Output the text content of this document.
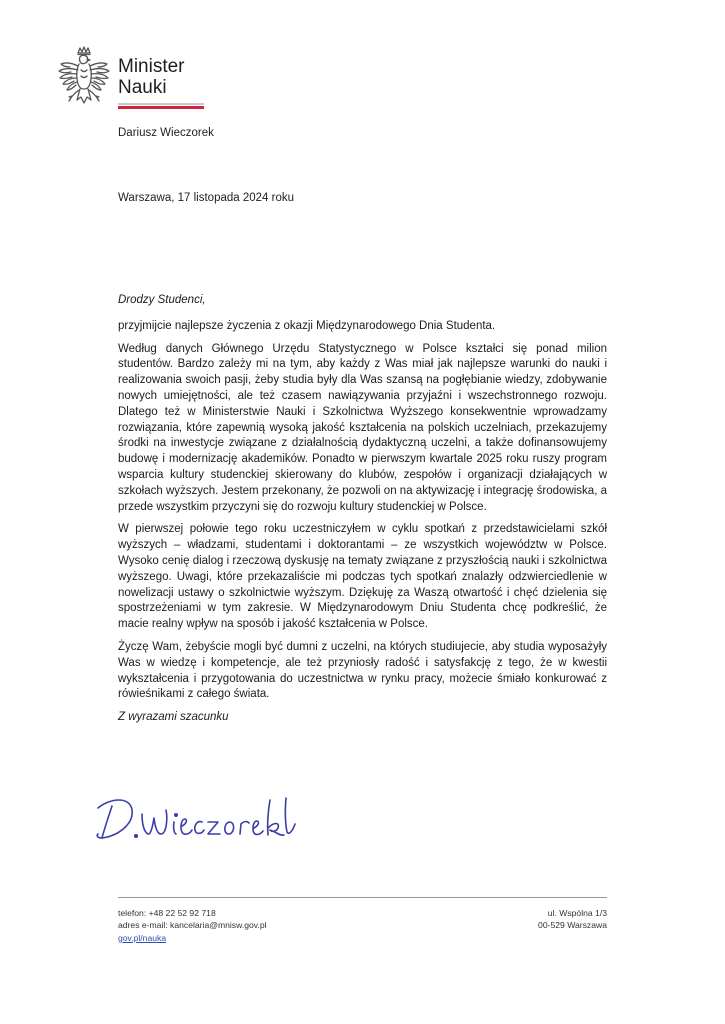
Minister
Nauki
Dariusz Wieczorek
Warszawa, 17 listopada 2024 roku

Drodzy Studenci,

przyjmijcie najlepsze życzenia z okazji Międzynarodowego Dnia Studenta.

Według danych Głównego Urzędu Statystycznego w Polsce kształci się ponad milion studentów. Bardzo zależy mi na tym, aby każdy z Was miał jak najlepsze warunki do nauki i realizowania swoich pasji, żeby studia były dla Was szansą na pogłębianie wiedzy, zdobywanie nowych umiejętności, ale też czasem nawiązywania przyjaźni i wszechstronnego rozwoju. Dlatego też w Ministerstwie Nauki i Szkolnictwa Wyższego konsekwentnie wprowadzamy rozwiązania, które zapewnią wysoką jakość kształcenia na polskich uczelniach, przekazujemy środki na inwestycje związane z działalnością dydaktyczną uczelni, a także dofinansowujemy budowę i modernizację akademików. Ponadto w pierwszym kwartale 2025 roku ruszy program wsparcia kultury studenckiej skierowany do klubów, zespołów i organizacji działających w szkołach wyższych. Jestem przekonany, że pozwoli on na aktywizację i integrację środowiska, a przede wszystkim przyczyni się do rozwoju kultury studenckiej w Polsce.

W pierwszej połowie tego roku uczestniczyłem w cyklu spotkań z przedstawicielami szkół wyższych – władzami, studentami i doktorantami – ze wszystkich województw w Polsce. Wysoko cenię dialog i rzeczową dyskusję na tematy związane z przyszłością nauki i szkolnictwa wyższego. Uwagi, które przekazaliście mi podczas tych spotkań znalazły odzwierciedlenie w nowelizacji ustawy o szkolnictwie wyższym. Dziękuję za Waszą otwartość i chęć dzielenia się spostrzeżeniami w tym zakresie. W Międzynarodowym Dniu Studenta chcę podkreślić, że macie realny wpływ na sposób i jakość kształcenia w Polsce.

Życzę Wam, żebyście mogli być dumni z uczelni, na których studiujecie, aby studia wyposażyły Was w wiedzę i kompetencje, ale też przyniosły radość i satysfakcję z tego, że w kwestii wykształcenia i przygotowania do uczestnictwa w rynku pracy, możecie śmiało konkurować z rówieśnikami z całego świata.

Z wyrazami szacunku

telefon: +48 22 52 92 718
adres e-mail: kancelaria@mnisw.gov.pl
gov.pl/nauka
ul. Wspólna 1/3
00-529 Warszawa
